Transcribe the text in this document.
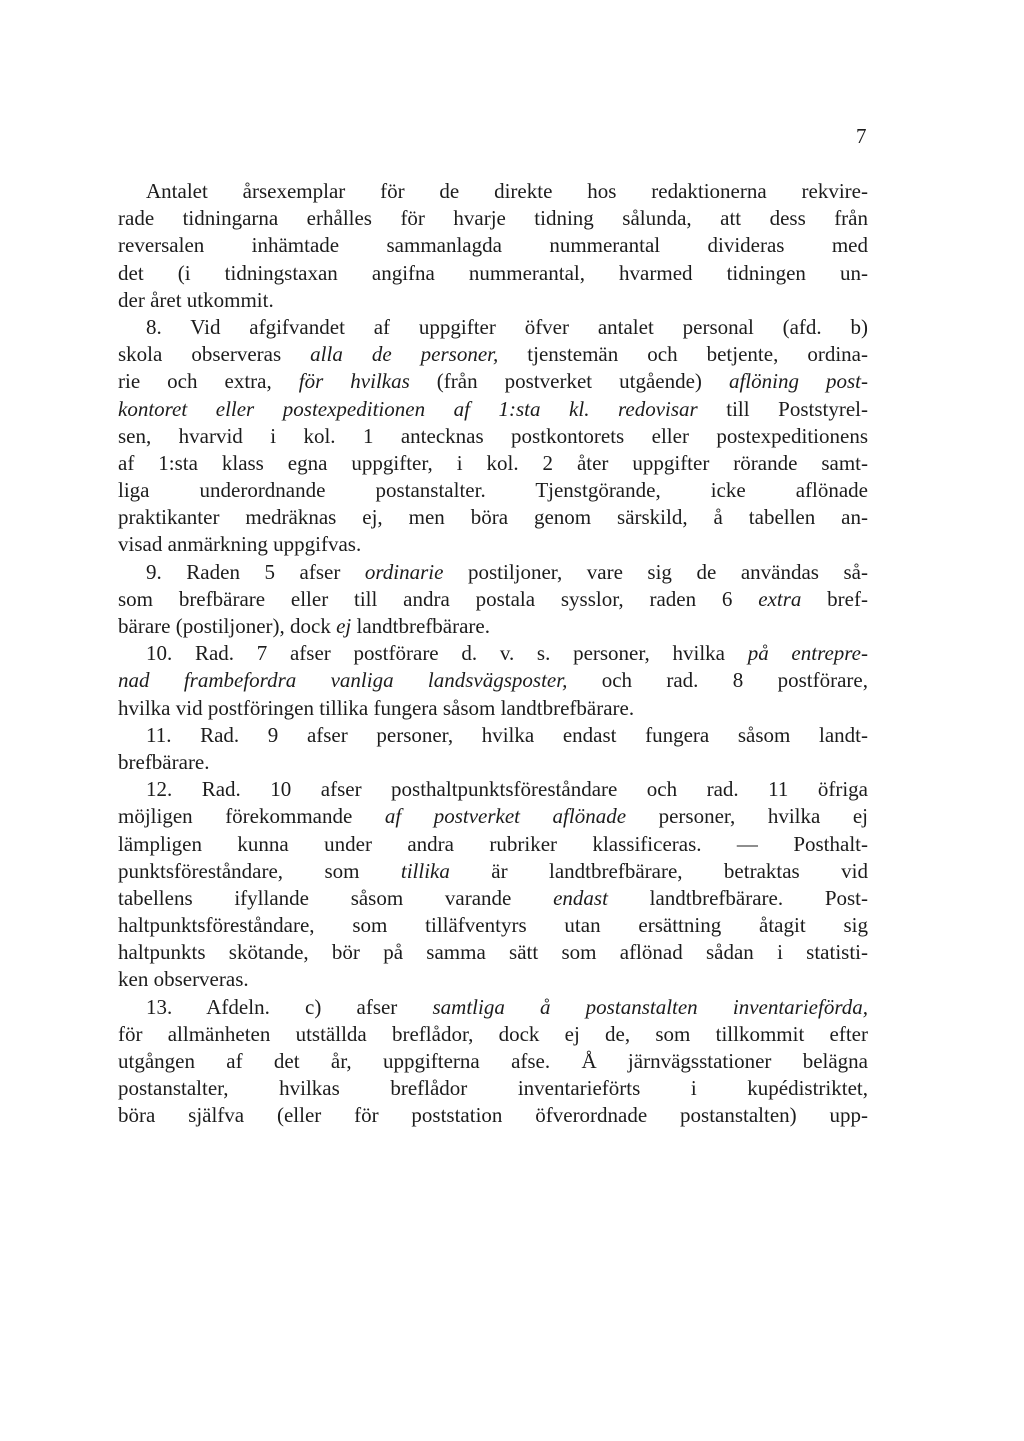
7
Antalet årsexemplar för de direkte hos redaktionerna rekvire-
rade tidningarna erhålles för hvarje tidning sålunda, att dess från
reversalen inhämtade sammanlagda nummerantal divideras med
det (i tidningstaxan angifna nummerantal, hvarmed tidningen un-
der året utkommit.
8. Vid afgifvandet af uppgifter öfver antalet personal (afd. b)
skola observeras alla de personer, tjenstemän och betjente, ordina-
rie och extra, för hvilkas (från postverket utgående) aflöning post-
kontoret eller postexpeditionen af 1:sta kl. redovisar till Poststyrel-
sen, hvarvid i kol. 1 antecknas postkontorets eller postexpeditionens
af 1:sta klass egna uppgifter, i kol. 2 åter uppgifter rörande samt-
liga underordnande postanstalter. Tjenstgörande, icke aflönade
praktikanter medräknas ej, men böra genom särskild, å tabellen an-
visad anmärkning uppgifvas.
9. Raden 5 afser ordinarie postiljoner, vare sig de användas så-
som brefbärare eller till andra postala sysslor, raden 6 extra bref-
bärare (postiljoner), dock ej landtbrefbärare.
10. Rad. 7 afser postförare d. v. s. personer, hvilka på entrepre-
nad frambefordra vanliga landsvägsposter, och rad. 8 postförare,
hvilka vid postföringen tillika fungera såsom landtbrefbärare.
11. Rad. 9 afser personer, hvilka endast fungera såsom landt-
brefbärare.
12. Rad. 10 afser posthaltpunktsföreståndare och rad. 11 öfriga
möjligen förekommande af postverket aflönade personer, hvilka ej
lämpligen kunna under andra rubriker klassificeras. — Posthalt-
punktsföreståndare, som tillika är landtbrefbärare, betraktas vid
tabellens ifyllande såsom varande endast landtbrefbärare. Post-
haltpunktsföreståndare, som tilläfventyrs utan ersättning åtagit sig
haltpunkts skötande, bör på samma sätt som aflönad sådan i statisti-
ken observeras.
13. Afdeln. c) afser samtliga å postanstalten inventarieförda,
för allmänheten utställda breflådor, dock ej de, som tillkommit efter
utgången af det år, uppgifterna afse. Å järnvägsstationer belägna
postanstalter, hvilkas breflådor inventarieförts i kupédistriktet,
böra själfva (eller för poststation öfverordnade postanstalten) upp-
